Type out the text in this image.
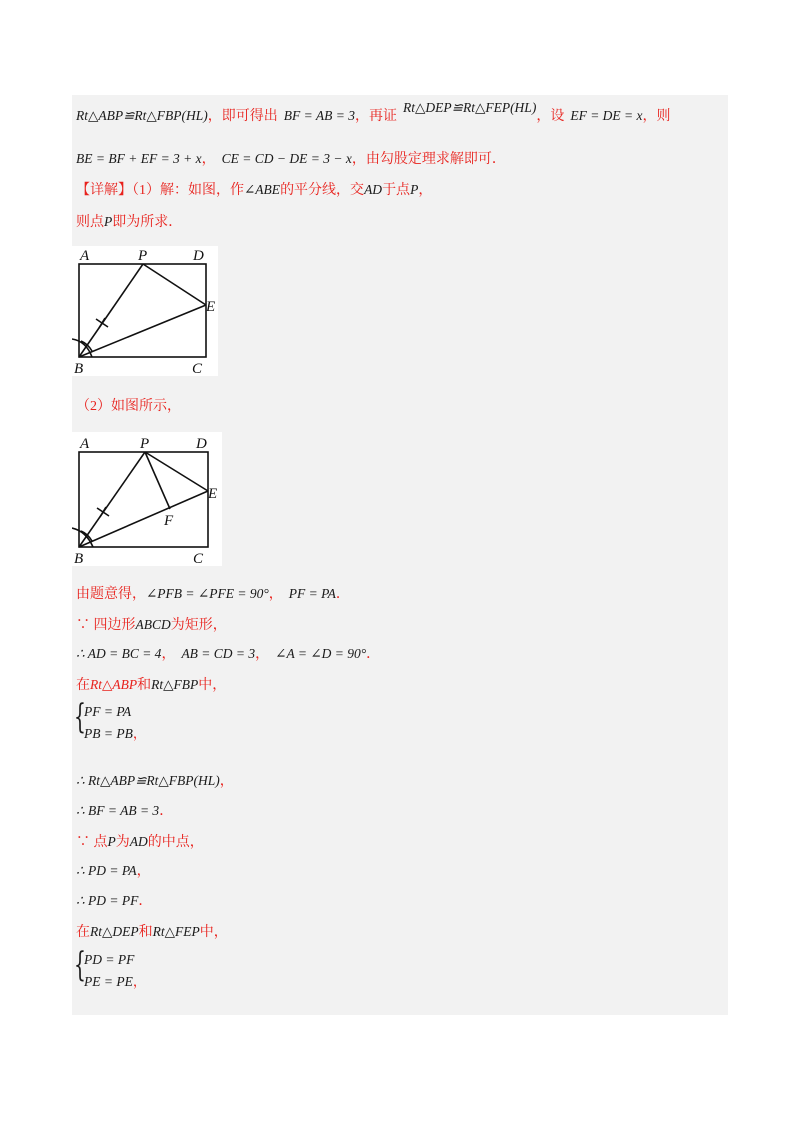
Rt△ABP≌Rt△FBP(HL)，即可得出 BF = AB = 3，再证Rt△DEP≌Rt△FEP(HL)，设 EF = DE = x，则
BE = BF + EF = 3 + x， CE = CD − DE = 3 − x，由勾股定理求解即可．
【详解】（1）解：如图，作∠ABE的平分线，交AD于点P，
则点P即为所求．
A	P	D
E
B	C
（2）如图所示，
A	P	D
E
F
B	C
由题意得，∠PFB = ∠PFE = 90°， PF = PA．
∵ 四边形ABCD为矩形，
∴ AD = BC = 4， AB = CD = 3， ∠A = ∠D = 90°．
在Rt△ABP和Rt△FBP中，
{
PF = PA
PB = PB，
∴ Rt△ABP≌Rt△FBP(HL)，
∴ BF = AB = 3．
∵ 点P为AD的中点，
∴ PD = PA，
∴ PD = PF．
在Rt△DEP和Rt△FEP中，
{
PD = PF
PE = PE，
